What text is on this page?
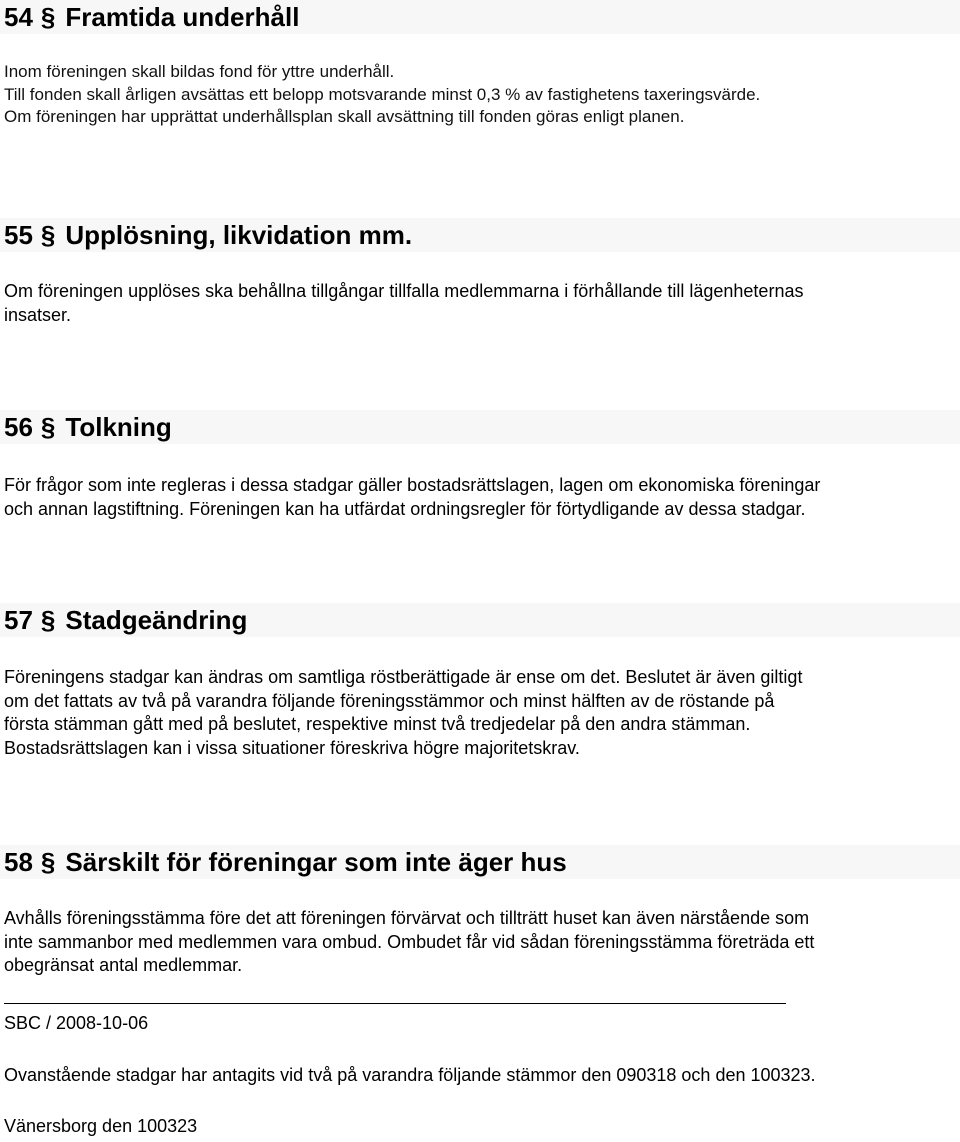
54 § Framtida underhåll
Inom föreningen skall bildas fond för yttre underhåll.
Till fonden skall årligen avsättas ett belopp motsvarande minst 0,3 % av fastighetens taxeringsvärde.
Om föreningen har upprättat underhållsplan skall avsättning till fonden göras enligt planen.
55 § Upplösning, likvidation mm.
Om föreningen upplöses ska behållna tillgångar tillfalla medlemmarna i förhållande till lägenheternas
insatser.
56 § Tolkning
För frågor som inte regleras i dessa stadgar gäller bostadsrättslagen, lagen om ekonomiska föreningar
och annan lagstiftning. Föreningen kan ha utfärdat ordningsregler för förtydligande av dessa stadgar.
57 § Stadgeändring
Föreningens stadgar kan ändras om samtliga röstberättigade är ense om det. Beslutet är även giltigt
om det fattats av två på varandra följande föreningsstämmor och minst hälften av de röstande på
första stämman gått med på beslutet, respektive minst två tredjedelar på den andra stämman.
Bostadsrättslagen kan i vissa situationer föreskriva högre majoritetskrav.
58 § Särskilt för föreningar som inte äger hus
Avhålls föreningsstämma före det att föreningen förvärvat och tillträtt huset kan även närstående som
inte sammanbor med medlemmen vara ombud. Ombudet får vid sådan föreningsstämma företräda ett
obegränsat antal medlemmar.
SBC / 2008-10-06
Ovanstående stadgar har antagits vid två på varandra följande stämmor den 090318 och den 100323.
Vänersborg den 100323
